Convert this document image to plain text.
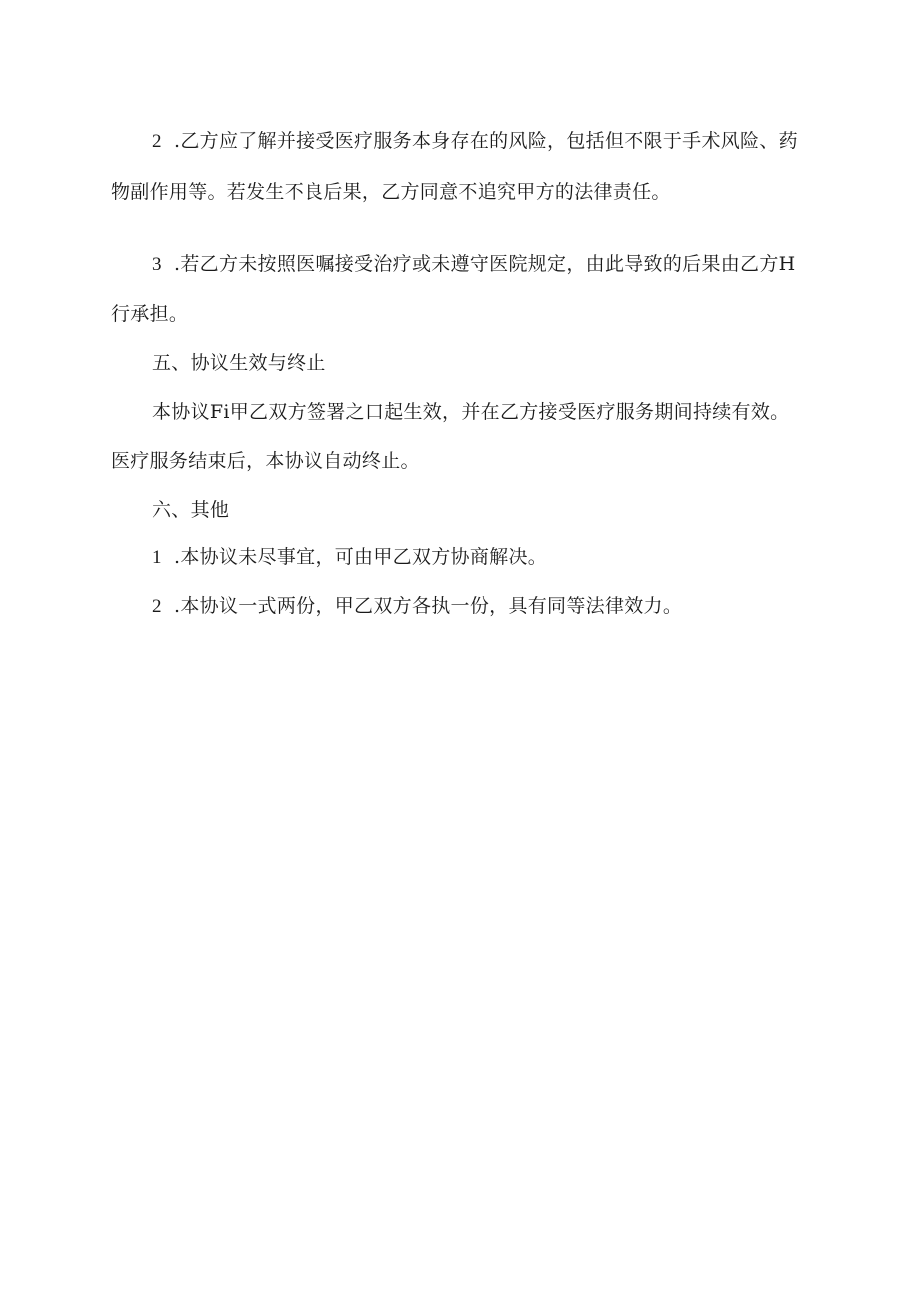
2 .乙方应了解并接受医疗服务本身存在的风险，包括但不限于手术风险、药
物副作用等。若发生不良后果，乙方同意不追究甲方的法律责任。
3 .若乙方未按照医嘱接受治疗或未遵守医院规定，由此导致的后果由乙方H
行承担。
五、协议生效与终止
本协议Fi甲乙双方签署之口起生效，并在乙方接受医疗服务期间持续有效。
医疗服务结束后，本协议自动终止。
六、其他
1 .本协议未尽事宜，可由甲乙双方协商解决。
2 .本协议一式两份，甲乙双方各执一份，具有同等法律效力。
